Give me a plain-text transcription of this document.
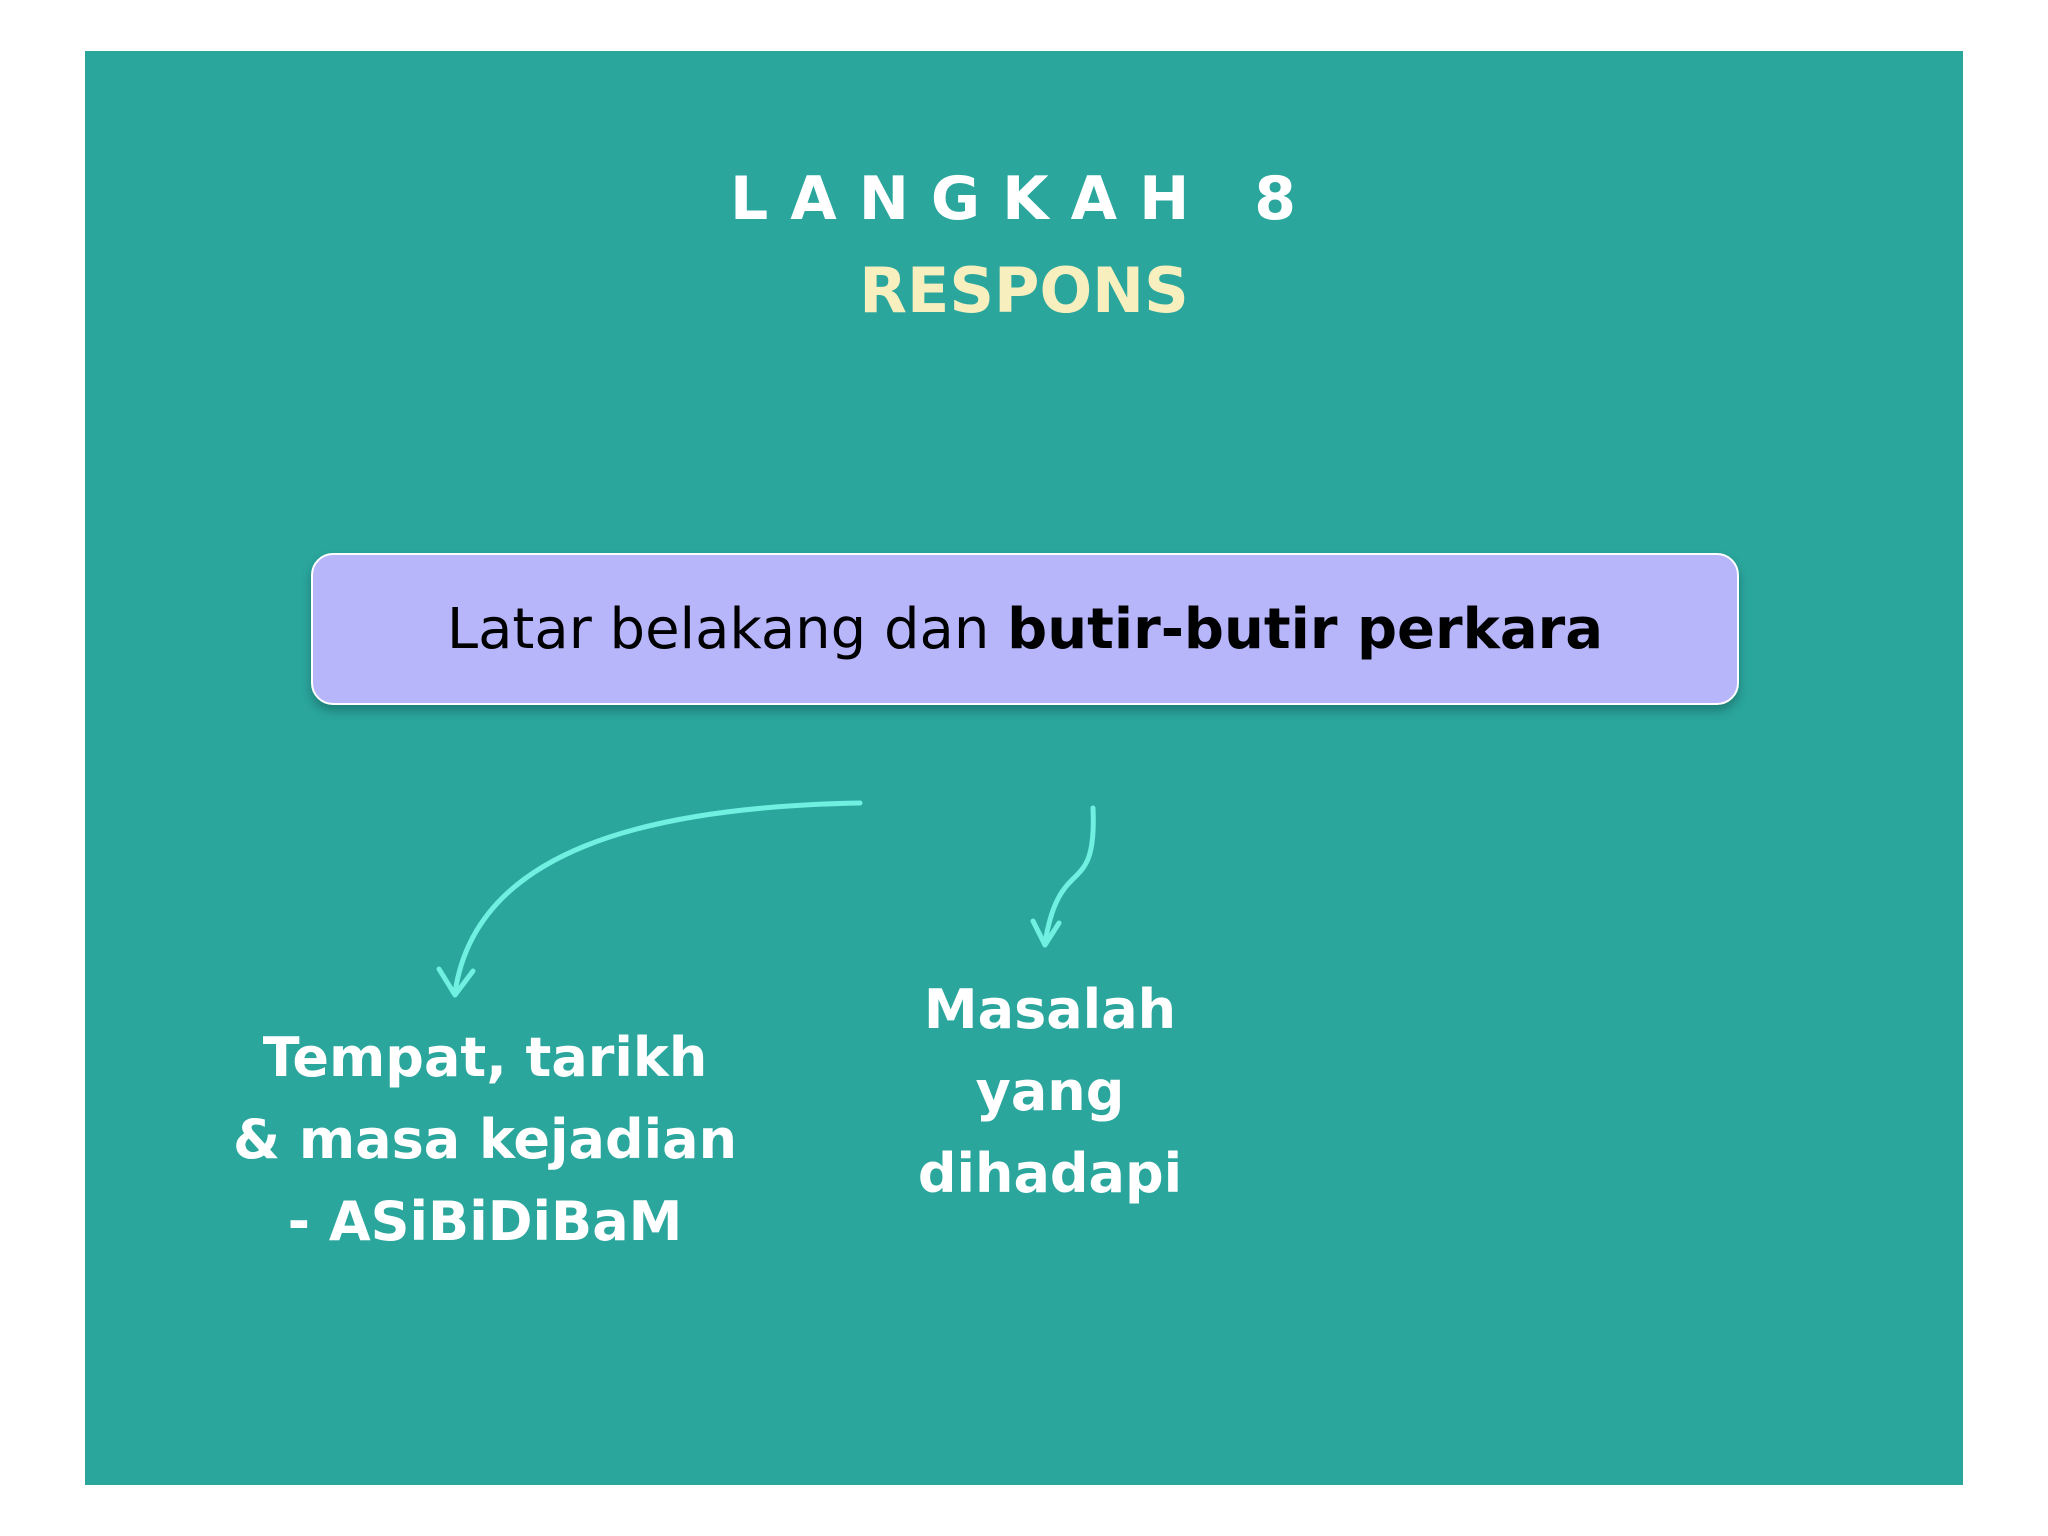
LANGKAH 8
RESPONS
Latar belakang dan butir-butir perkara
Tempat, tarikh
& masa kejadian
- ASiBiDiBaM
Masalah
yang
dihadapi
